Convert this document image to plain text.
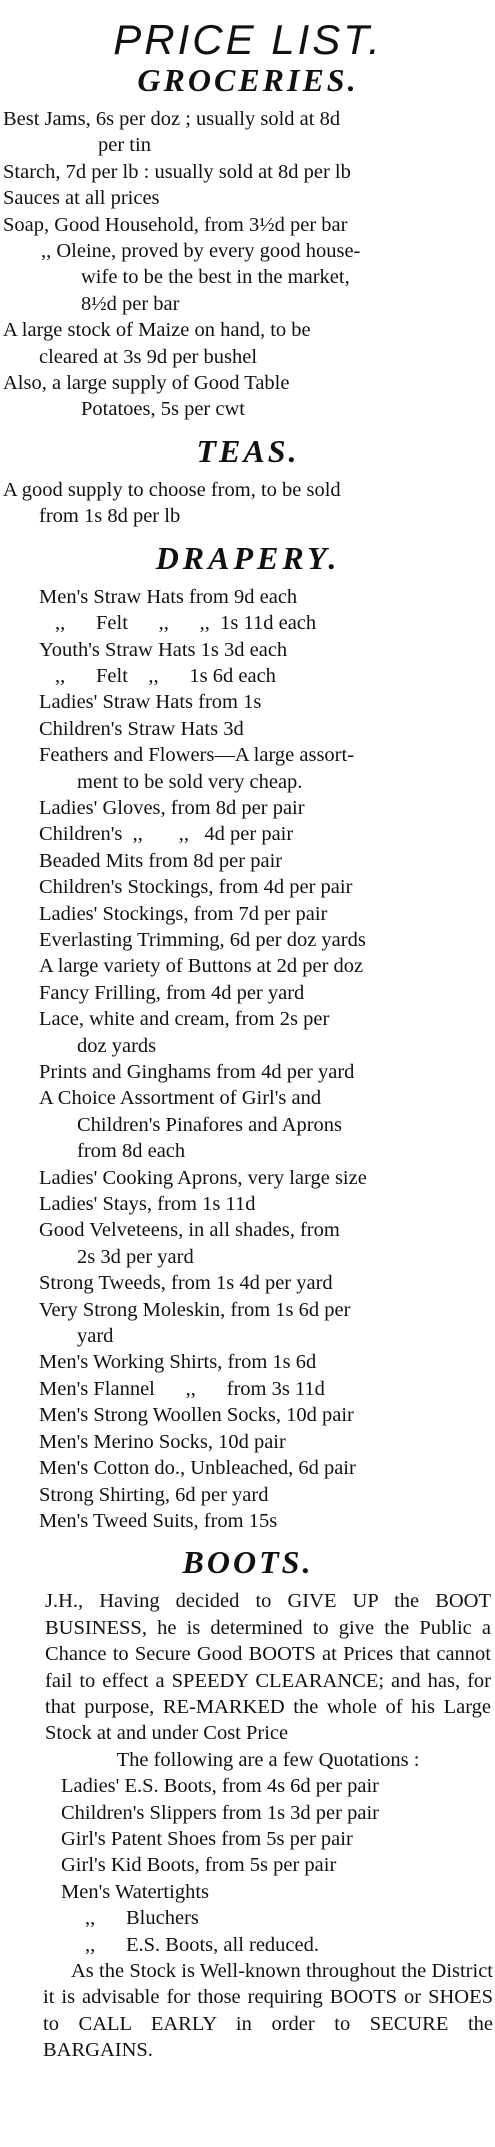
PRICE LIST.
GROCERIES.
Best Jams, 6s per doz ; usually sold at 8d
per tin
Starch, 7d per lb : usually sold at 8d per lb
Sauces at all prices
Soap, Good Household, from 3½d per bar
,, Oleine, proved by every good house-
wife to be the best in the market,
8½d per bar
A large stock of Maize on hand, to be
cleared at 3s 9d per bushel
Also, a large supply of Good Table
Potatoes, 5s per cwt
TEAS.
A good supply to choose from, to be sold
from 1s 8d per lb
DRAPERY.
Men's Straw Hats from 9d each
,,      Felt      ,,      ,,  1s 11d each
Youth's Straw Hats 1s 3d each
,,      Felt    ,,      1s 6d each
Ladies' Straw Hats from 1s
Children's Straw Hats 3d
Feathers and Flowers—A large assort-
ment to be sold very cheap.
Ladies' Gloves, from 8d per pair
Children's  ,,       ,,   4d per pair
Beaded Mits from 8d per pair
Children's Stockings, from 4d per pair
Ladies' Stockings, from 7d per pair
Everlasting Trimming, 6d per doz yards
A large variety of Buttons at 2d per doz
Fancy Frilling, from 4d per yard
Lace, white and cream, from 2s per
doz yards
Prints and Ginghams from 4d per yard
A Choice Assortment of Girl's and
Children's Pinafores and Aprons
from 8d each
Ladies' Cooking Aprons, very large size
Ladies' Stays, from 1s 11d
Good Velveteens, in all shades, from
2s 3d per yard
Strong Tweeds, from 1s 4d per yard
Very Strong Moleskin, from 1s 6d per
yard
Men's Working Shirts, from 1s 6d
Men's Flannel      ,,      from 3s 11d
Men's Strong Woollen Socks, 10d pair
Men's Merino Socks, 10d pair
Men's Cotton do., Unbleached, 6d pair
Strong Shirting, 6d per yard
Men's Tweed Suits, from 15s
BOOTS.
J.H., Having decided to GIVE UP the BOOT BUSINESS, he is determined to give the Public a Chance to Secure Good BOOTS at Prices that cannot fail to effect a SPEEDY CLEARANCE; and has, for that purpose, RE-MARKED the whole of his Large Stock at and under Cost Price
The following are a few Quotations :
Ladies' E.S. Boots, from 4s 6d per pair
Children's Slippers from 1s 3d per pair
Girl's Patent Shoes from 5s per pair
Girl's Kid Boots, from 5s per pair
Men's Watertights
,,      Bluchers
,,      E.S. Boots, all reduced.
As the Stock is Well-known throughout the District it is advisable for those requiring BOOTS or SHOES to CALL EARLY in order to SECURE the BARGAINS.
